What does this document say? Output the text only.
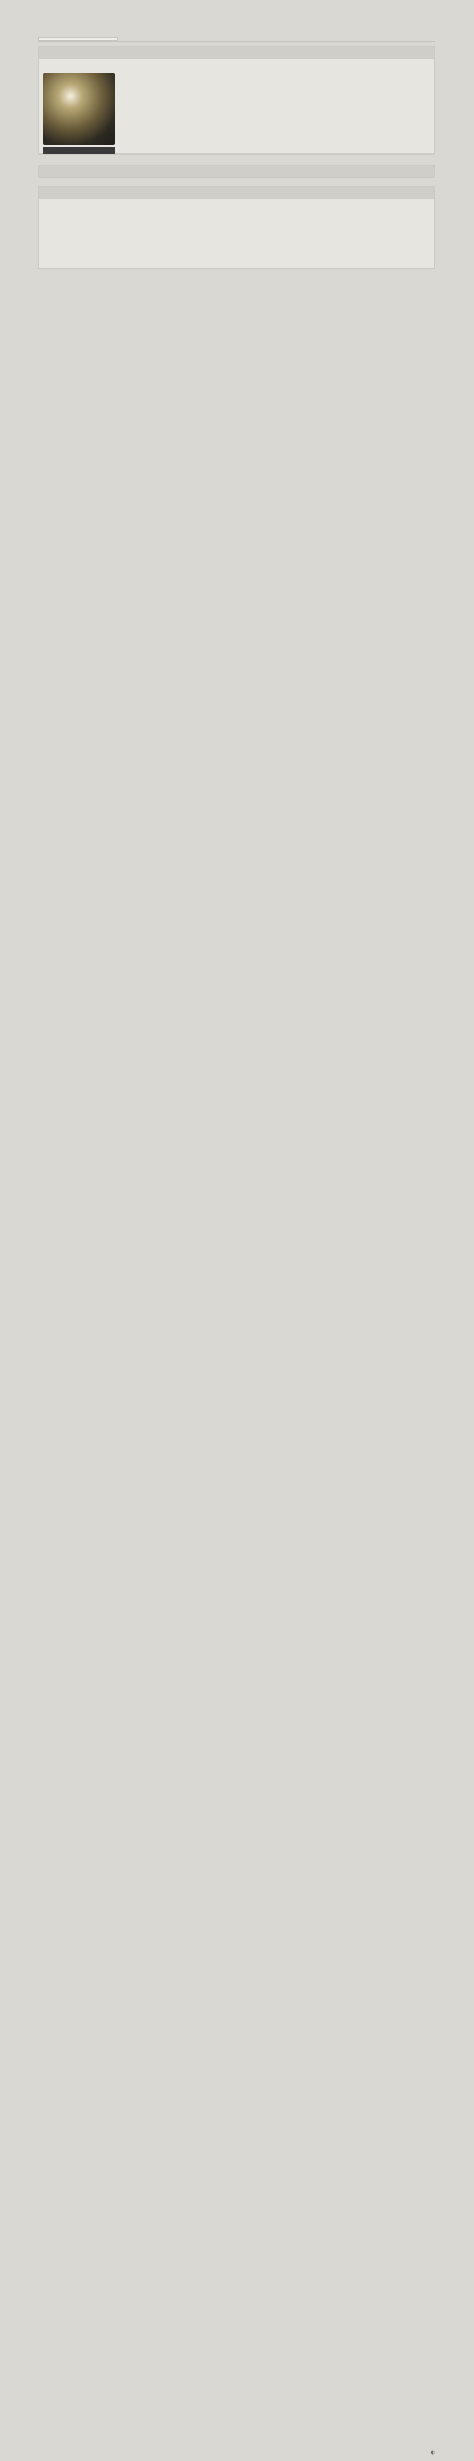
◐
